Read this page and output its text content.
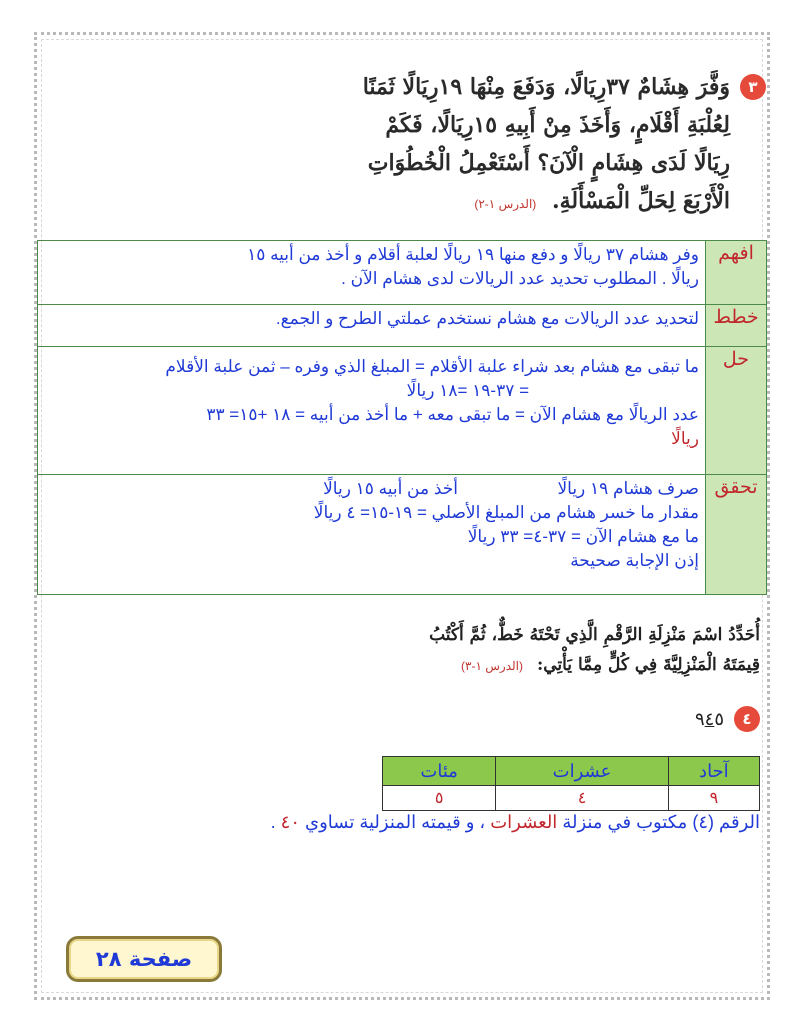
٣
وَفَّرَ هِشَامٌ ٣٧رِيَالًا، وَدَفَعَ مِنْهَا ١٩رِيَالًا ثَمَنًا
لِعُلْبَةِ أَقْلَامٍ، وَأَخَذَ مِنْ أَبِيهِ ١٥رِيَالًا، فَكَمْ
رِيَالًا لَدَى هِشَامٍ الْآنَ؟ أَسْتَعْمِلُ الْخُطُوَاتِ
الْأَرْبَعَ لِحَلِّ الْمَسْأَلَةِ. (الدرس ١-٢)
افهم	وفر هشام ٣٧ ريالًا و دفع منها ١٩ ريالًا لعلبة أقلام و أخذ من أبيه ١٥
ريالًا . المطلوب تحديد عدد الريالات لدى هشام الآن .

خطط	لتحديد عدد الريالات مع هشام نستخدم عملتي الطرح و الجمع.

حل	ما تبقى مع هشام بعد شراء علبة الأقلام = المبلغ الذي وفره – ثمن علبة الأقلام
= ٣٧-١٩ =١٨ ريالًا
عدد الريالًا مع هشام الآن = ما تبقى معه + ما أخذ من أبيه = ١٨ +١٥= ٣٣
ريالًا

تحقق	صرف هشام ١٩ ريالًا  أخذ من أبيه ١٥ ريالًا
مقدار ما خسر هشام من المبلغ الأصلي = ١٩-١٥= ٤ ريالًا
ما مع هشام الآن = ٣٧-٤= ٣٣ ريالًا
إذن الإجابة صحيحة
أُحَدِّدُ اسْمَ مَنْزِلَةِ الرَّقْمِ الَّذِي تَحْتَهُ خَطٌّ، ثُمَّ أَكْتُبُ
قِيمَتَهُ الْمَنْزِلِيَّةَ فِي كُلٍّ مِمَّا يَأْتِي: (الدرس ١-٣)
٤
٩٤٥
آحاد	عشرات	مئات
٩	٤	٥
الرقم (٤) مكتوب في منزلة العشرات ، و قيمته المنزلية تساوي ٤٠ .
صفحة ٢٨
